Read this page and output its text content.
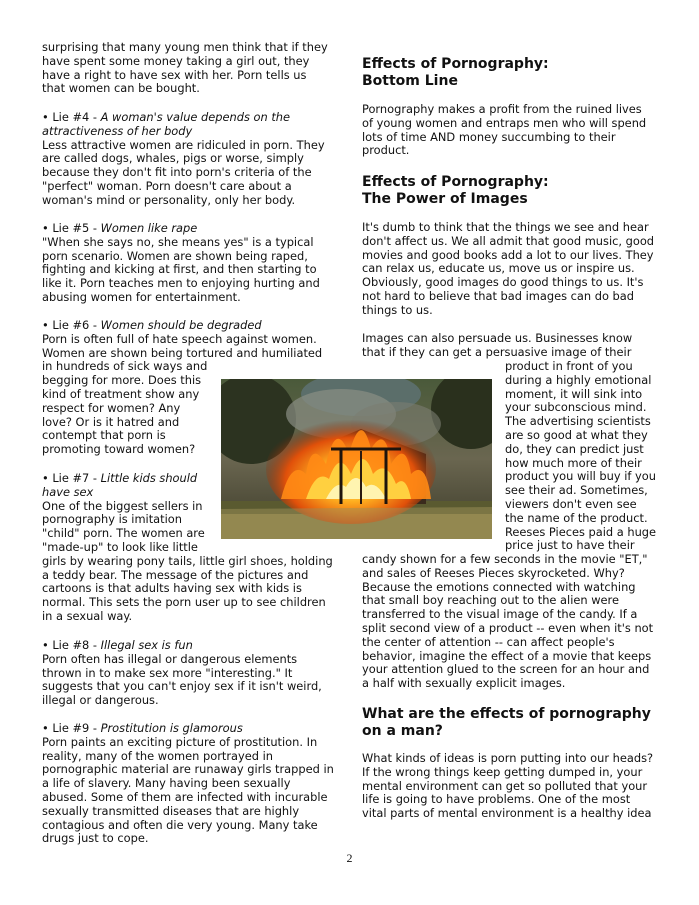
surprising that many young men think that if they
have spent some money taking a girl out, they
have a right to have sex with her. Porn tells us
that women can be bought.
• Lie #4 - A woman's value depends on the
attractiveness of her body
Less attractive women are ridiculed in porn. They
are called dogs, whales, pigs or worse, simply
because they don't fit into porn's criteria of the
"perfect" woman. Porn doesn't care about a
woman's mind or personality, only her body.
• Lie #5 - Women like rape
"When she says no, she means yes" is a typical
porn scenario. Women are shown being raped,
fighting and kicking at first, and then starting to
like it. Porn teaches men to enjoying hurting and
abusing women for entertainment.
• Lie #6 - Women should be degraded
Porn is often full of hate speech against women.
Women are shown being tortured and humiliated
in hundreds of sick ways and
begging for more. Does this
kind of treatment show any
respect for women? Any
love? Or is it hatred and
contempt that porn is
promoting toward women?
• Lie #7 - Little kids should
have sex
One of the biggest sellers in
pornography is imitation
"child" porn. The women are
"made-up" to look like little
girls by wearing pony tails, little girl shoes, holding
a teddy bear. The message of the pictures and
cartoons is that adults having sex with kids is
normal. This sets the porn user up to see children
in a sexual way.
• Lie #8 - Illegal sex is fun
Porn often has illegal or dangerous elements
thrown in to make sex more "interesting." It
suggests that you can't enjoy sex if it isn't weird,
illegal or dangerous.
• Lie #9 - Prostitution is glamorous
Porn paints an exciting picture of prostitution. In
reality, many of the women portrayed in
pornographic material are runaway girls trapped in
a life of slavery. Many having been sexually
abused. Some of them are infected with incurable
sexually transmitted diseases that are highly
contagious and often die very young. Many take
drugs just to cope.
Effects of Pornography:
Bottom Line
Pornography makes a profit from the ruined lives
of young women and entraps men who will spend
lots of time AND money succumbing to their
product.
Effects of Pornography:
The Power of Images
It's dumb to think that the things we see and hear
don't affect us. We all admit that good music, good
movies and good books add a lot to our lives. They
can relax us, educate us, move us or inspire us.
Obviously, good images do good things to us. It's
not hard to believe that bad images can do bad
things to us.
Images can also persuade us. Businesses know
that if they can get a persuasive image of their
product in front of you
during a highly emotional
moment, it will sink into
your subconscious mind.
The advertising scientists
are so good at what they
do, they can predict just
how much more of their
product you will buy if you
see their ad. Sometimes,
viewers don't even see
the name of the product.
Reeses Pieces paid a huge
price just to have their
candy shown for a few seconds in the movie "ET,"
and sales of Reeses Pieces skyrocketed. Why?
Because the emotions connected with watching
that small boy reaching out to the alien were
transferred to the visual image of the candy. If a
split second view of a product -- even when it's not
the center of attention -- can affect people's
behavior, imagine the effect of a movie that keeps
your attention glued to the screen for an hour and
a half with sexually explicit images.
What are the effects of pornography
on a man?
What kinds of ideas is porn putting into our heads?
If the wrong things keep getting dumped in, your
mental environment can get so polluted that your
life is going to have problems. One of the most
vital parts of mental environment is a healthy idea
2
